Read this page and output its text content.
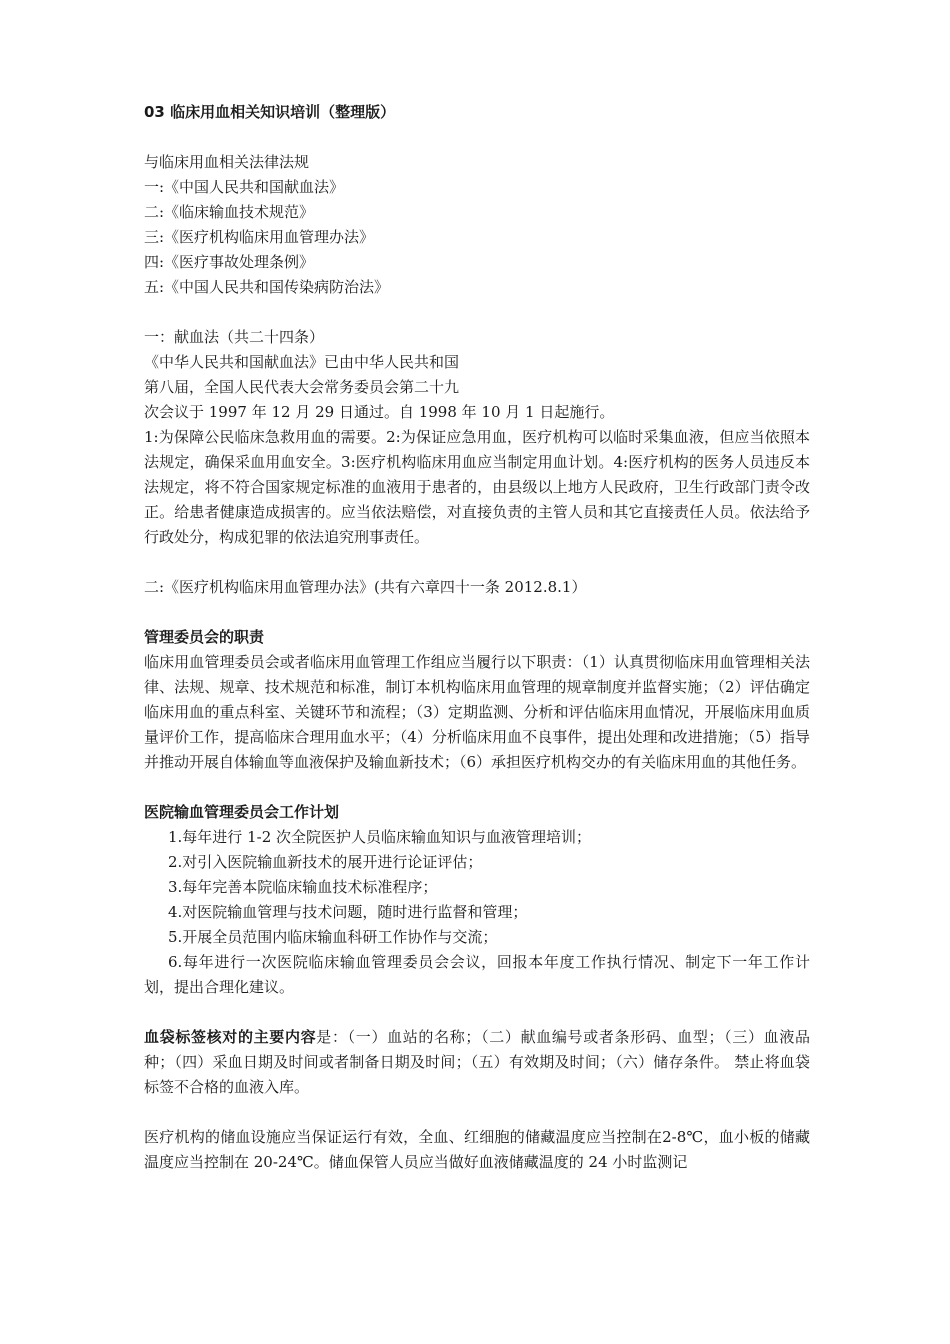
03 临床用血相关知识培训（整理版）
与临床用血相关法律法规
一:《中国人民共和国献血法》
二:《临床输血技术规范》
三:《医疗机构临床用血管理办法》
四:《医疗事故处理条例》
五:《中国人民共和国传染病防治法》
一：献血法（共二十四条）
《中华人民共和国献血法》已由中华人民共和国
第八届，全国人民代表大会常务委员会第二十九
次会议于 1997 年 12 月 29 日通过。自 1998 年 10 月 1 日起施行。
1:为保障公民临床急救用血的需要。2:为保证应急用血，医疗机构可以临时采集血液，但应当依照本法规定，确保采血用血安全。3:医疗机构临床用血应当制定用血计划。4:医疗机构的医务人员违反本法规定，将不符合国家规定标准的血液用于患者的，由县级以上地方人民政府，卫生行政部门责令改正。给患者健康造成损害的。应当依法赔偿，对直接负责的主管人员和其它直接责任人员。依法给予行政处分，构成犯罪的依法追究刑事责任。
二:《医疗机构临床用血管理办法》(共有六章四十一条 2012.8.1）
管理委员会的职责
临床用血管理委员会或者临床用血管理工作组应当履行以下职责：（1）认真贯彻临床用血管理相关法律、法规、规章、技术规范和标准，制订本机构临床用血管理的规章制度并监督实施；（2）评估确定临床用血的重点科室、关键环节和流程；（3）定期监测、分析和评估临床用血情况，开展临床用血质量评价工作，提高临床合理用血水平；（4）分析临床用血不良事件，提出处理和改进措施；（5）指导并推动开展自体输血等血液保护及输血新技术；（6）承担医疗机构交办的有关临床用血的其他任务。
医院输血管理委员会工作计划
1.每年进行 1-2 次全院医护人员临床输血知识与血液管理培训；
2.对引入医院输血新技术的展开进行论证评估；
3.每年完善本院临床输血技术标准程序；
4.对医院输血管理与技术问题，随时进行监督和管理；
5.开展全员范围内临床输血科研工作协作与交流；
6.每年进行一次医院临床输血管理委员会会议，回报本年度工作执行情况、制定下一年工作计划，提出合理化建议。
血袋标签核对的主要内容是：（一）血站的名称；（二）献血编号或者条形码、血型；（三）血液品种；（四）采血日期及时间或者制备日期及时间；（五）有效期及时间；（六）储存条件。 禁止将血袋标签不合格的血液入库。
医疗机构的储血设施应当保证运行有效，全血、红细胞的储藏温度应当控制在2-8℃，血小板的储藏温度应当控制在 20-24℃。储血保管人员应当做好血液储藏温度的 24 小时监测记
